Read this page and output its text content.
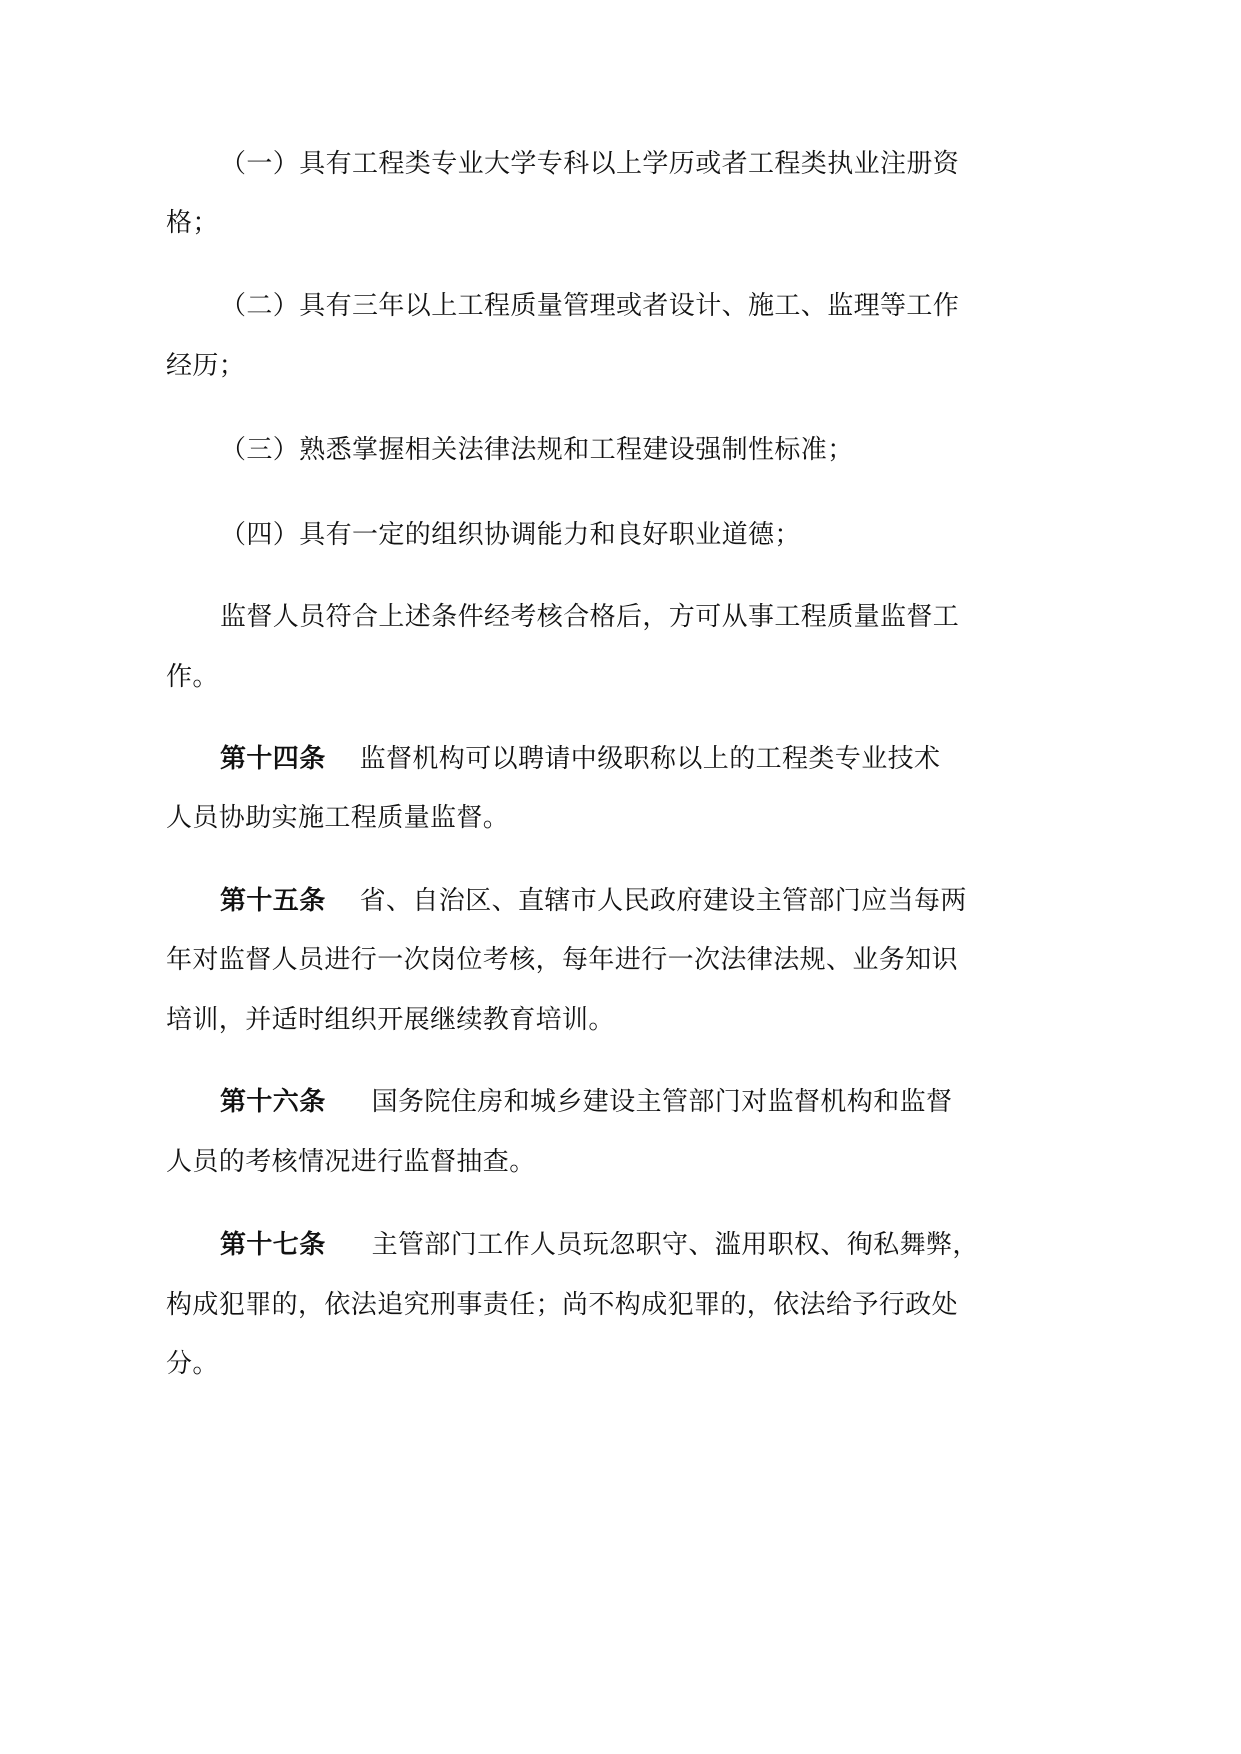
（一）具有工程类专业大学专科以上学历或者工程类执业注册资

格；

（二）具有三年以上工程质量管理或者设计、施工、监理等工作

经历；

（三）熟悉掌握相关法律法规和工程建设强制性标准；

（四）具有一定的组织协调能力和良好职业道德；

监督人员符合上述条件经考核合格后，方可从事工程质量监督工

作。

第十四条 监督机构可以聘请中级职称以上的工程类专业技术

人员协助实施工程质量监督。

第十五条 省、自治区、直辖市人民政府建设主管部门应当每两

年对监督人员进行一次岗位考核，每年进行一次法律法规、业务知识

培训，并适时组织开展继续教育培训。

第十六条 国务院住房和城乡建设主管部门对监督机构和监督

人员的考核情况进行监督抽查。

第十七条 主管部门工作人员玩忽职守、滥用职权、徇私舞弊，

构成犯罪的，依法追究刑事责任；尚不构成犯罪的，依法给予行政处

分。
